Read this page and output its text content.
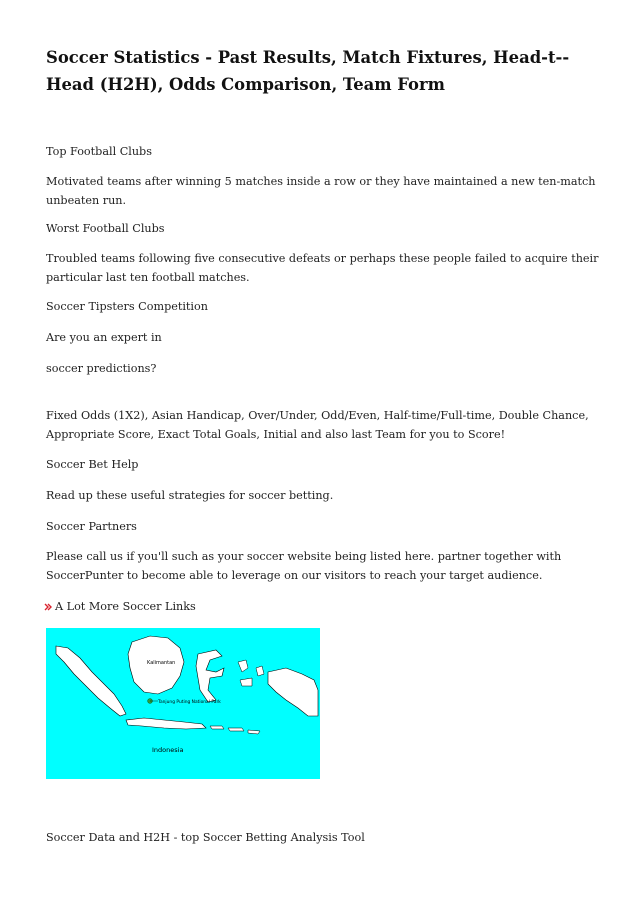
Soccer Statistics - Past Results, Match Fixtures, Head-t--Head (H2H), Odds Comparison, Team Form

Top Football Clubs

Motivated teams after winning 5 matches inside a row or they have maintained a new ten-match unbeaten run.

Worst Football Clubs

Troubled teams following five consecutive defeats or perhaps these people failed to acquire their particular last ten football matches.

Soccer Tipsters Competition

Are you an expert in

soccer predictions?

Fixed Odds (1X2), Asian Handicap, Over/Under, Odd/Even, Half-time/Full-time, Double Chance, Appropriate Score, Exact Total Goals, Initial and also last Team for you to Score!

Soccer Bet Help

Read up these useful strategies for soccer betting.

Soccer Partners

Please call us if you'll such as your soccer website being listed here. partner together with SoccerPunter to become able to leverage on our visitors to reach your target audience.

A Lot More Soccer Links
Kalimantan
Tanjung Puting National Park
Indonesia

Soccer Data and H2H - top Soccer Betting Analysis Tool
